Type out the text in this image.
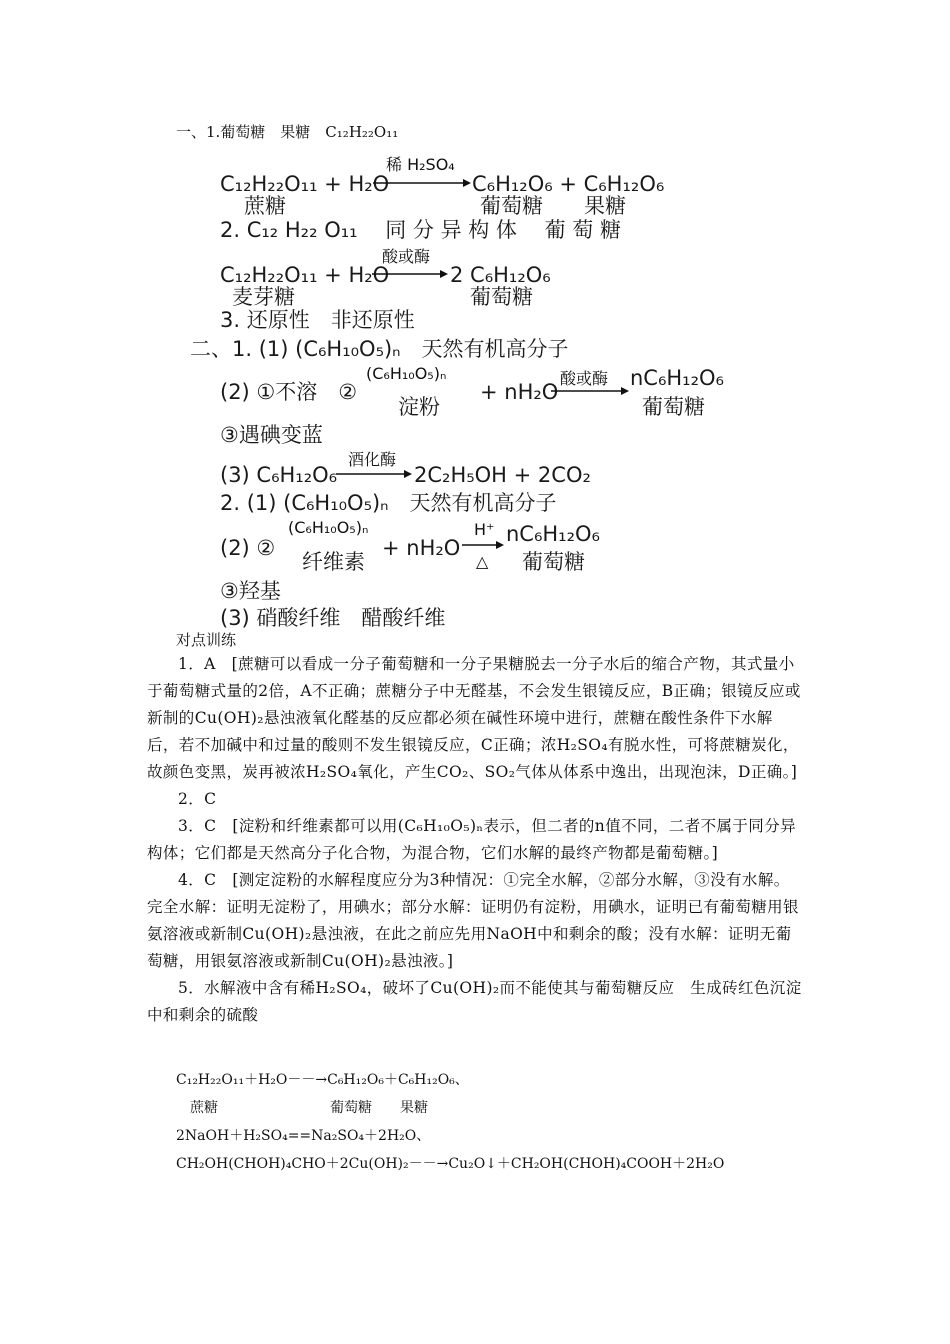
一、1.葡萄糖　果糖　C₁₂H₂₂O₁₁
C₁₂H₂₂O₁₁ + H₂O
稀 H₂SO₄
C₆H₁₂O₆ + C₆H₁₂O₆
蔗糖	葡萄糖 果糖
2. C₁₂ H₂₂ O₁₁　 同 分 异 构 体　 葡 萄 糖
C₁₂H₂₂O₁₁ + H₂O
酸或酶
2 C₆H₁₂O₆
麦芽糖	葡萄糖
3. 还原性　非还原性
二、1. (1) (C₆H₁₀O₅)ₙ　天然有机高分子
(2) ①不溶　②
(C₆H₁₀O₅)ₙ
淀粉
+ nH₂O
酸或酶 nC₆H₁₂O₆
葡萄糖
③遇碘变蓝
(3) C₆H₁₂O₆
酒化酶
2C₂H₅OH + 2CO₂
2. (1) (C₆H₁₀O₅)ₙ　天然有机高分子
(2) ②
(C₆H₁₀O₅)ₙ
纤维素
+ nH₂O
H⁺
△
nC₆H₁₂O₆
葡萄糖
③羟基
(3) 硝酸纤维　醋酸纤维
对点训练

1．A　[蔗糖可以看成一分子葡萄糖和一分子果糖脱去一分子水后的缩合产物，其式量小于葡萄糖式量的2倍，A不正确；蔗糖分子中无醛基，不会发生银镜反应，B正确；银镜反应或新制的Cu(OH)₂悬浊液氧化醛基的反应都必须在碱性环境中进行，蔗糖在酸性条件下水解后，若不加碱中和过量的酸则不发生银镜反应，C正确；浓H₂SO₄有脱水性，可将蔗糖炭化，故颜色变黑，炭再被浓H₂SO₄氧化，产生CO₂、SO₂气体从体系中逸出，出现泡沫，D正确。]

2．C

3．C　[淀粉和纤维素都可以用(C₆H₁₀O₅)ₙ表示，但二者的n值不同，二者不属于同分异构体；它们都是天然高分子化合物，为混合物，它们水解的最终产物都是葡萄糖。]

4．C　[测定淀粉的水解程度应分为3种情况：①完全水解，②部分水解，③没有水解。完全水解：证明无淀粉了，用碘水；部分水解：证明仍有淀粉，用碘水，证明已有葡萄糖用银氨溶液或新制Cu(OH)₂悬浊液，在此之前应先用NaOH中和剩余的酸；没有水解：证明无葡萄糖，用银氨溶液或新制Cu(OH)₂悬浊液。]

5．水解液中含有稀H₂SO₄，破坏了Cu(OH)₂而不能使其与葡萄糖反应　生成砖红色沉淀　中和剩余的硫酸

C₁₂H₂₂O₁₁＋H₂O－－→C₆H₁₂O₆＋C₆H₁₂O₆、
　蔗糖　　　　　　　　葡萄糖　　果糖
2NaOH＋H₂SO₄==Na₂SO₄＋2H₂O、
CH₂OH(CHOH)₄CHO＋2Cu(OH)₂－－→Cu₂O↓＋CH₂OH(CHOH)₄COOH＋2H₂O
